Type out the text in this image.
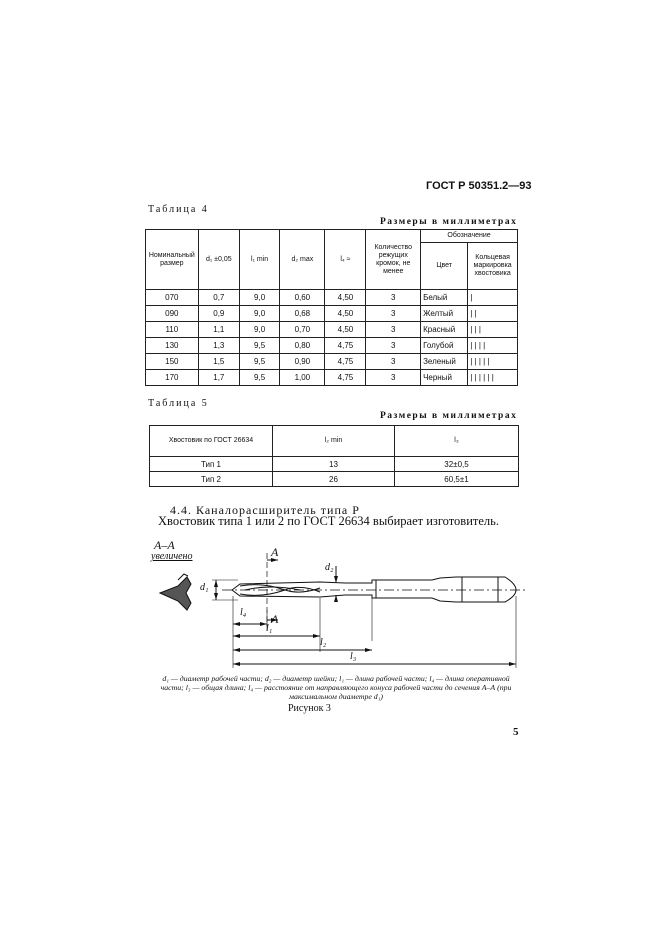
ГОСТ Р 50351.2—93
Таблица 4
Размеры в миллиметрах
Номинальный размер	d₁ ±0,05	l₁ min	d₂ max	l₄ ≈	Количество режущих кромок, не менее	Обозначение	
						Цвет	Кольцевая маркировка хвостовика
070	0,7	9,0	0,60	4,50	3	Белый	|
090	0,9	9,0	0,68	4,50	3	Желтый	| |
110	1,1	9,0	0,70	4,50	3	Красный	| | |
130	1,3	9,5	0,80	4,75	3	Голубой	| | | |
150	1,5	9,5	0,90	4,75	3	Зеленый	| | | | |
170	1,7	9,5	1,00	4,75	3	Черный	| | | | | |
Таблица 5
Размеры в миллиметрах
Хвостовик по ГОСТ 26634	l₂ min	l₃
Тип 1	13	32±0,5
Тип 2	26	60,5±1
4.4. Каналорасширитель типа Р
Хвостовик типа 1 или 2 по ГОСТ 26634 выбирает изготовитель.
А–А
увеличено	А
А
d₁
d₂
l₄
l₁
l₂
l₃
d₁ — диаметр рабочей части; d₂ — диаметр шейки; l₁ — длина рабочей части; l₄ — длина оперативной части; l₃ — общая длина; l₄ — расстояние от направляющего конуса рабочей части до сечения А–А (при максимальном диаметре d₁)
Рисунок 3
5
